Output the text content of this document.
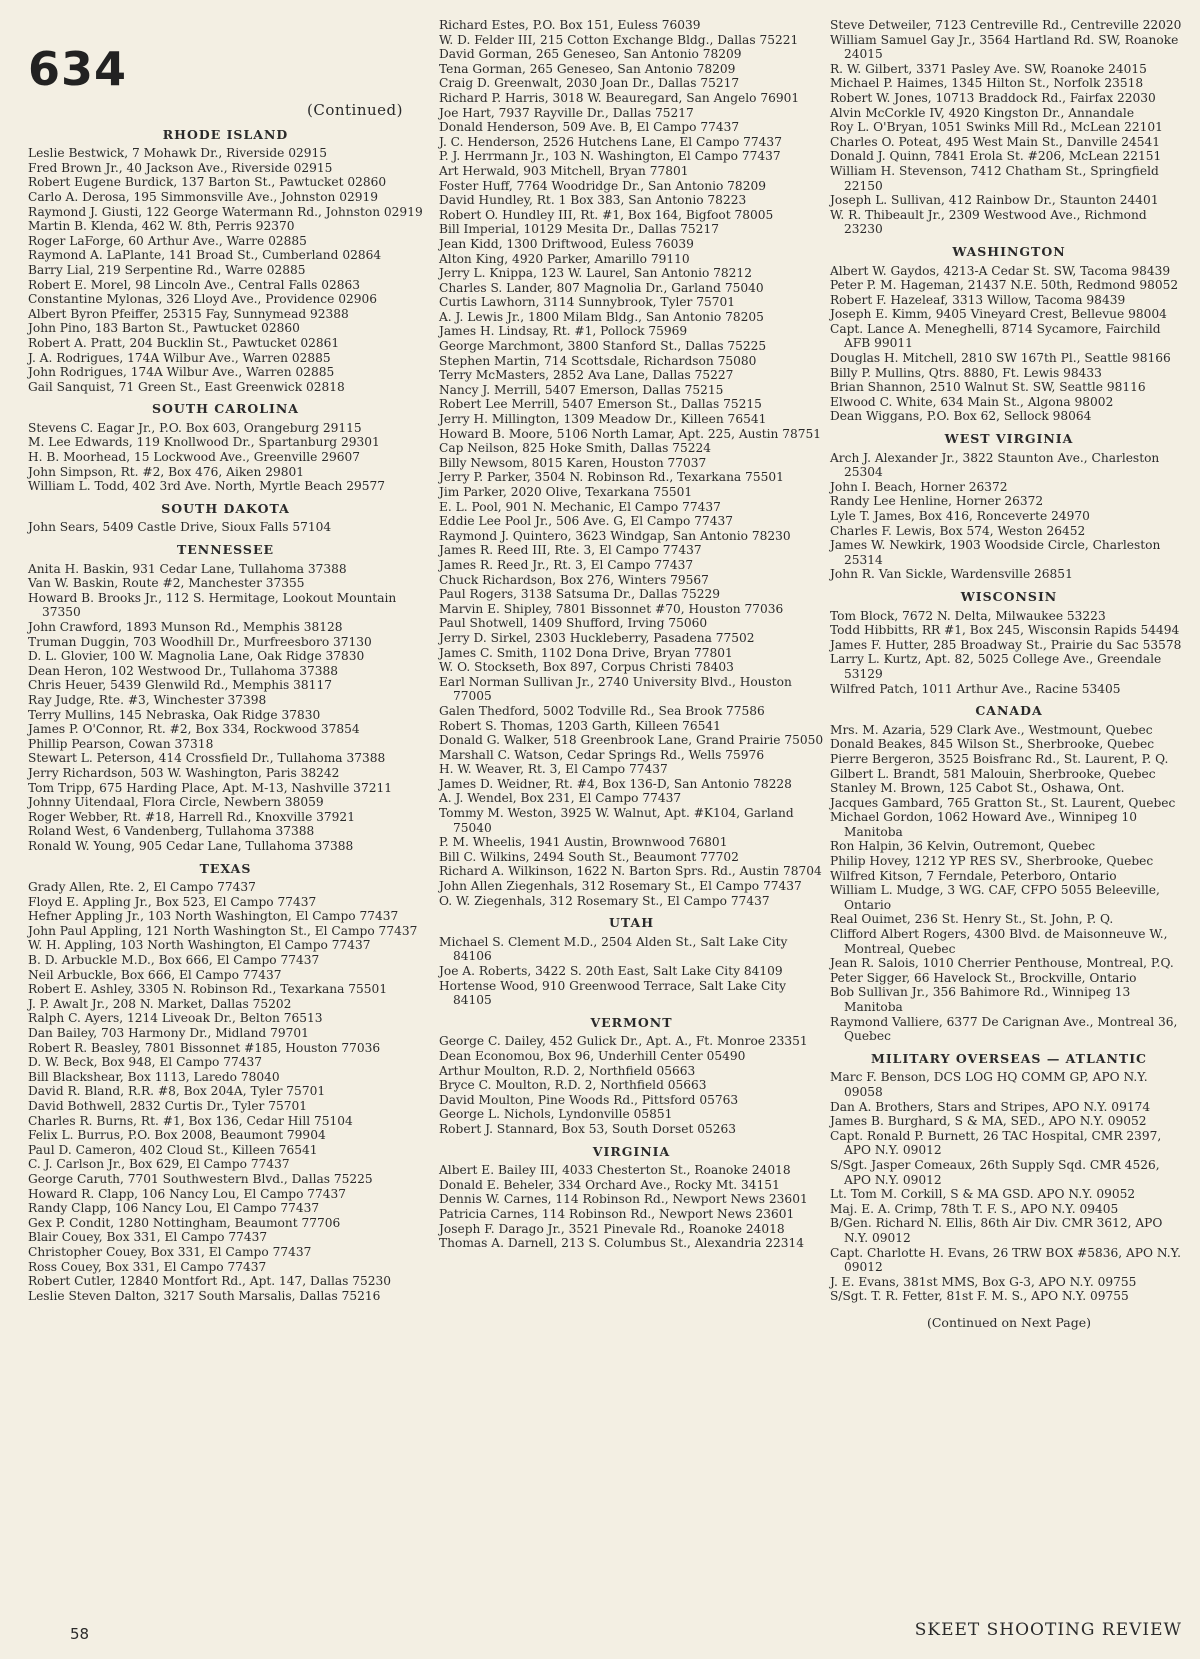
634
(Continued)
RHODE ISLAND

Leslie Bestwick, 7 Mohawk Dr., Riverside 02915

Fred Brown Jr., 40 Jackson Ave., Riverside 02915

Robert Eugene Burdick, 137 Barton St., Pawtucket 02860

Carlo A. Derosa, 195 Simmonsville Ave., Johnston 02919

Raymond J. Giusti, 122 George Watermann Rd., Johnston 02919

Martin B. Klenda, 462 W. 8th, Perris 92370

Roger LaForge, 60 Arthur Ave., Warre 02885

Raymond A. LaPlante, 141 Broad St., Cumberland 02864

Barry Lial, 219 Serpentine Rd., Warre 02885

Robert E. Morel, 98 Lincoln Ave., Central Falls 02863

Constantine Mylonas, 326 Lloyd Ave., Providence 02906

Albert Byron Pfeiffer, 25315 Fay, Sunnymead 92388

John Pino, 183 Barton St., Pawtucket 02860

Robert A. Pratt, 204 Bucklin St., Pawtucket 02861

J. A. Rodrigues, 174A Wilbur Ave., Warren 02885

John Rodrigues, 174A Wilbur Ave., Warren 02885

Gail Sanquist, 71 Green St., East Greenwick 02818

SOUTH CAROLINA

Stevens C. Eagar Jr., P.O. Box 603, Orangeburg 29115

M. Lee Edwards, 119 Knollwood Dr., Spartanburg 29301

H. B. Moorhead, 15 Lockwood Ave., Greenville 29607

John Simpson, Rt. #2, Box 476, Aiken 29801

William L. Todd, 402 3rd Ave. North, Myrtle Beach 29577

SOUTH DAKOTA

John Sears, 5409 Castle Drive, Sioux Falls 57104

TENNESSEE

Anita H. Baskin, 931 Cedar Lane, Tullahoma 37388

Van W. Baskin, Route #2, Manchester 37355

Howard B. Brooks Jr., 112 S. Hermitage, Lookout Mountain 37350

John Crawford, 1893 Munson Rd., Memphis 38128

Truman Duggin, 703 Woodhill Dr., Murfreesboro 37130

D. L. Glovier, 100 W. Magnolia Lane, Oak Ridge 37830

Dean Heron, 102 Westwood Dr., Tullahoma 37388

Chris Heuer, 5439 Glenwild Rd., Memphis 38117

Ray Judge, Rte. #3, Winchester 37398

Terry Mullins, 145 Nebraska, Oak Ridge 37830

James P. O'Connor, Rt. #2, Box 334, Rockwood 37854

Phillip Pearson, Cowan 37318

Stewart L. Peterson, 414 Crossfield Dr., Tullahoma 37388

Jerry Richardson, 503 W. Washington, Paris 38242

Tom Tripp, 675 Harding Place, Apt. M-13, Nashville 37211

Johnny Uitendaal, Flora Circle, Newbern 38059

Roger Webber, Rt. #18, Harrell Rd., Knoxville 37921

Roland West, 6 Vandenberg, Tullahoma 37388

Ronald W. Young, 905 Cedar Lane, Tullahoma 37388

TEXAS

Grady Allen, Rte. 2, El Campo 77437

Floyd E. Appling Jr., Box 523, El Campo 77437

Hefner Appling Jr., 103 North Washington, El Campo 77437

John Paul Appling, 121 North Washington St., El Campo 77437

W. H. Appling, 103 North Washington, El Campo 77437

B. D. Arbuckle M.D., Box 666, El Campo 77437

Neil Arbuckle, Box 666, El Campo 77437

Robert E. Ashley, 3305 N. Robinson Rd., Texarkana 75501

J. P. Awalt Jr., 208 N. Market, Dallas 75202

Ralph C. Ayers, 1214 Liveoak Dr., Belton 76513

Dan Bailey, 703 Harmony Dr., Midland 79701

Robert R. Beasley, 7801 Bissonnet #185, Houston 77036

D. W. Beck, Box 948, El Campo 77437

Bill Blackshear, Box 1113, Laredo 78040

David R. Bland, R.R. #8, Box 204A, Tyler 75701

David Bothwell, 2832 Curtis Dr., Tyler 75701

Charles R. Burns, Rt. #1, Box 136, Cedar Hill 75104

Felix L. Burrus, P.O. Box 2008, Beaumont 79904

Paul D. Cameron, 402 Cloud St., Killeen 76541

C. J. Carlson Jr., Box 629, El Campo 77437

George Caruth, 7701 Southwestern Blvd., Dallas 75225

Howard R. Clapp, 106 Nancy Lou, El Campo 77437

Randy Clapp, 106 Nancy Lou, El Campo 77437

Gex P. Condit, 1280 Nottingham, Beaumont 77706

Blair Couey, Box 331, El Campo 77437

Christopher Couey, Box 331, El Campo 77437

Ross Couey, Box 331, El Campo 77437

Robert Cutler, 12840 Montfort Rd., Apt. 147, Dallas 75230

Leslie Steven Dalton, 3217 South Marsalis, Dallas 75216

Richard Estes, P.O. Box 151, Euless 76039

W. D. Felder III, 215 Cotton Exchange Bldg., Dallas 75221

David Gorman, 265 Geneseo, San Antonio 78209

Tena Gorman, 265 Geneseo, San Antonio 78209

Craig D. Greenwalt, 2030 Joan Dr., Dallas 75217

Richard P. Harris, 3018 W. Beauregard, San Angelo 76901

Joe Hart, 7937 Rayville Dr., Dallas 75217

Donald Henderson, 509 Ave. B, El Campo 77437

J. C. Henderson, 2526 Hutchens Lane, El Campo 77437

P. J. Herrmann Jr., 103 N. Washington, El Campo 77437

Art Herwald, 903 Mitchell, Bryan 77801

Foster Huff, 7764 Woodridge Dr., San Antonio 78209

David Hundley, Rt. 1 Box 383, San Antonio 78223

Robert O. Hundley III, Rt. #1, Box 164, Bigfoot 78005

Bill Imperial, 10129 Mesita Dr., Dallas 75217

Jean Kidd, 1300 Driftwood, Euless 76039

Alton King, 4920 Parker, Amarillo 79110

Jerry L. Knippa, 123 W. Laurel, San Antonio 78212

Charles S. Lander, 807 Magnolia Dr., Garland 75040

Curtis Lawhorn, 3114 Sunnybrook, Tyler 75701

A. J. Lewis Jr., 1800 Milam Bldg., San Antonio 78205

James H. Lindsay, Rt. #1, Pollock 75969

George Marchmont, 3800 Stanford St., Dallas 75225

Stephen Martin, 714 Scottsdale, Richardson 75080

Terry McMasters, 2852 Ava Lane, Dallas 75227

Nancy J. Merrill, 5407 Emerson, Dallas 75215

Robert Lee Merrill, 5407 Emerson St., Dallas 75215

Jerry H. Millington, 1309 Meadow Dr., Killeen 76541

Howard B. Moore, 5106 North Lamar, Apt. 225, Austin 78751

Cap Neilson, 825 Hoke Smith, Dallas 75224

Billy Newsom, 8015 Karen, Houston 77037

Jerry P. Parker, 3504 N. Robinson Rd., Texarkana 75501

Jim Parker, 2020 Olive, Texarkana 75501

E. L. Pool, 901 N. Mechanic, El Campo 77437

Eddie Lee Pool Jr., 506 Ave. G, El Campo 77437

Raymond J. Quintero, 3623 Windgap, San Antonio 78230

James R. Reed III, Rte. 3, El Campo 77437

James R. Reed Jr., Rt. 3, El Campo 77437

Chuck Richardson, Box 276, Winters 79567

Paul Rogers, 3138 Satsuma Dr., Dallas 75229

Marvin E. Shipley, 7801 Bissonnet #70, Houston 77036

Paul Shotwell, 1409 Shufford, Irving 75060

Jerry D. Sirkel, 2303 Huckleberry, Pasadena 77502

James C. Smith, 1102 Dona Drive, Bryan 77801

W. O. Stockseth, Box 897, Corpus Christi 78403

Earl Norman Sullivan Jr., 2740 University Blvd., Houston 77005

Galen Thedford, 5002 Todville Rd., Sea Brook 77586

Robert S. Thomas, 1203 Garth, Killeen 76541

Donald G. Walker, 518 Greenbrook Lane, Grand Prairie 75050

Marshall C. Watson, Cedar Springs Rd., Wells 75976

H. W. Weaver, Rt. 3, El Campo 77437

James D. Weidner, Rt. #4, Box 136-D, San Antonio 78228

A. J. Wendel, Box 231, El Campo 77437

Tommy M. Weston, 3925 W. Walnut, Apt. #K104, Garland 75040

P. M. Wheelis, 1941 Austin, Brownwood 76801

Bill C. Wilkins, 2494 South St., Beaumont 77702

Richard A. Wilkinson, 1622 N. Barton Sprs. Rd., Austin 78704

John Allen Ziegenhals, 312 Rosemary St., El Campo 77437

O. W. Ziegenhals, 312 Rosemary St., El Campo 77437

UTAH

Michael S. Clement M.D., 2504 Alden St., Salt Lake City 84106

Joe A. Roberts, 3422 S. 20th East, Salt Lake City 84109

Hortense Wood, 910 Greenwood Terrace, Salt Lake City 84105

VERMONT

George C. Dailey, 452 Gulick Dr., Apt. A., Ft. Monroe 23351

Dean Economou, Box 96, Underhill Center 05490

Arthur Moulton, R.D. 2, Northfield 05663

Bryce C. Moulton, R.D. 2, Northfield 05663

David Moulton, Pine Woods Rd., Pittsford 05763

George L. Nichols, Lyndonville 05851

Robert J. Stannard, Box 53, South Dorset 05263

VIRGINIA

Albert E. Bailey III, 4033 Chesterton St., Roanoke 24018

Donald E. Beheler, 334 Orchard Ave., Rocky Mt. 34151

Dennis W. Carnes, 114 Robinson Rd., Newport News 23601

Patricia Carnes, 114 Robinson Rd., Newport News 23601

Joseph F. Darago Jr., 3521 Pinevale Rd., Roanoke 24018

Thomas A. Darnell, 213 S. Columbus St., Alexandria 22314

Steve Detweiler, 7123 Centreville Rd., Centreville 22020

William Samuel Gay Jr., 3564 Hartland Rd. SW, Roanoke 24015

R. W. Gilbert, 3371 Pasley Ave. SW, Roanoke 24015

Michael P. Haimes, 1345 Hilton St., Norfolk 23518

Robert W. Jones, 10713 Braddock Rd., Fairfax 22030

Alvin McCorkle IV, 4920 Kingston Dr., Annandale

Roy L. O'Bryan, 1051 Swinks Mill Rd., McLean 22101

Charles O. Poteat, 495 West Main St., Danville 24541

Donald J. Quinn, 7841 Erola St. #206, McLean 22151

William H. Stevenson, 7412 Chatham St., Springfield 22150

Joseph L. Sullivan, 412 Rainbow Dr., Staunton 24401

W. R. Thibeault Jr., 2309 Westwood Ave., Richmond 23230

WASHINGTON

Albert W. Gaydos, 4213-A Cedar St. SW, Tacoma 98439

Peter P. M. Hageman, 21437 N.E. 50th, Redmond 98052

Robert F. Hazeleaf, 3313 Willow, Tacoma 98439

Joseph E. Kimm, 9405 Vineyard Crest, Bellevue 98004

Capt. Lance A. Meneghelli, 8714 Sycamore, Fairchild AFB 99011

Douglas H. Mitchell, 2810 SW 167th Pl., Seattle 98166

Billy P. Mullins, Qtrs. 8880, Ft. Lewis 98433

Brian Shannon, 2510 Walnut St. SW, Seattle 98116

Elwood C. White, 634 Main St., Algona 98002

Dean Wiggans, P.O. Box 62, Sellock 98064

WEST VIRGINIA

Arch J. Alexander Jr., 3822 Staunton Ave., Charleston 25304

John I. Beach, Horner 26372

Randy Lee Henline, Horner 26372

Lyle T. James, Box 416, Ronceverte 24970

Charles F. Lewis, Box 574, Weston 26452

James W. Newkirk, 1903 Woodside Circle, Charleston 25314

John R. Van Sickle, Wardensville 26851

WISCONSIN

Tom Block, 7672 N. Delta, Milwaukee 53223

Todd Hibbitts, RR #1, Box 245, Wisconsin Rapids 54494

James F. Hutter, 285 Broadway St., Prairie du Sac 53578

Larry L. Kurtz, Apt. 82, 5025 College Ave., Greendale 53129

Wilfred Patch, 1011 Arthur Ave., Racine 53405

CANADA

Mrs. M. Azaria, 529 Clark Ave., Westmount, Quebec

Donald Beakes, 845 Wilson St., Sherbrooke, Quebec

Pierre Bergeron, 3525 Boisfranc Rd., St. Laurent, P. Q.

Gilbert L. Brandt, 581 Malouin, Sherbrooke, Quebec

Stanley M. Brown, 125 Cabot St., Oshawa, Ont.

Jacques Gambard, 765 Gratton St., St. Laurent, Quebec

Michael Gordon, 1062 Howard Ave., Winnipeg 10 Manitoba

Ron Halpin, 36 Kelvin, Outremont, Quebec

Philip Hovey, 1212 YP RES SV., Sherbrooke, Quebec

Wilfred Kitson, 7 Ferndale, Peterboro, Ontario

William L. Mudge, 3 WG. CAF, CFPO 5055 Beleeville, Ontario

Real Ouimet, 236 St. Henry St., St. John, P. Q.

Clifford Albert Rogers, 4300 Blvd. de Maisonneuve W., Montreal, Quebec

Jean R. Salois, 1010 Cherrier Penthouse, Montreal, P.Q.

Peter Sigger, 66 Havelock St., Brockville, Ontario

Bob Sullivan Jr., 356 Bahimore Rd., Winnipeg 13 Manitoba

Raymond Valliere, 6377 De Carignan Ave., Montreal 36, Quebec

MILITARY OVERSEAS — ATLANTIC

Marc F. Benson, DCS LOG HQ COMM GP, APO N.Y. 09058

Dan A. Brothers, Stars and Stripes, APO N.Y. 09174

James B. Burghard, S & MA, SED., APO N.Y. 09052

Capt. Ronald P. Burnett, 26 TAC Hospital, CMR 2397, APO N.Y. 09012

S/Sgt. Jasper Comeaux, 26th Supply Sqd. CMR 4526, APO N.Y. 09012

Lt. Tom M. Corkill, S & MA GSD. APO N.Y. 09052

Maj. E. A. Crimp, 78th T. F. S., APO N.Y. 09405

B/Gen. Richard N. Ellis, 86th Air Div. CMR 3612, APO N.Y. 09012

Capt. Charlotte H. Evans, 26 TRW BOX #5836, APO N.Y. 09012

J. E. Evans, 381st MMS, Box G-3, APO N.Y. 09755

S/Sgt. T. R. Fetter, 81st F. M. S., APO N.Y. 09755

(Continued on Next Page)
58	SKEET SHOOTING REVIEW
